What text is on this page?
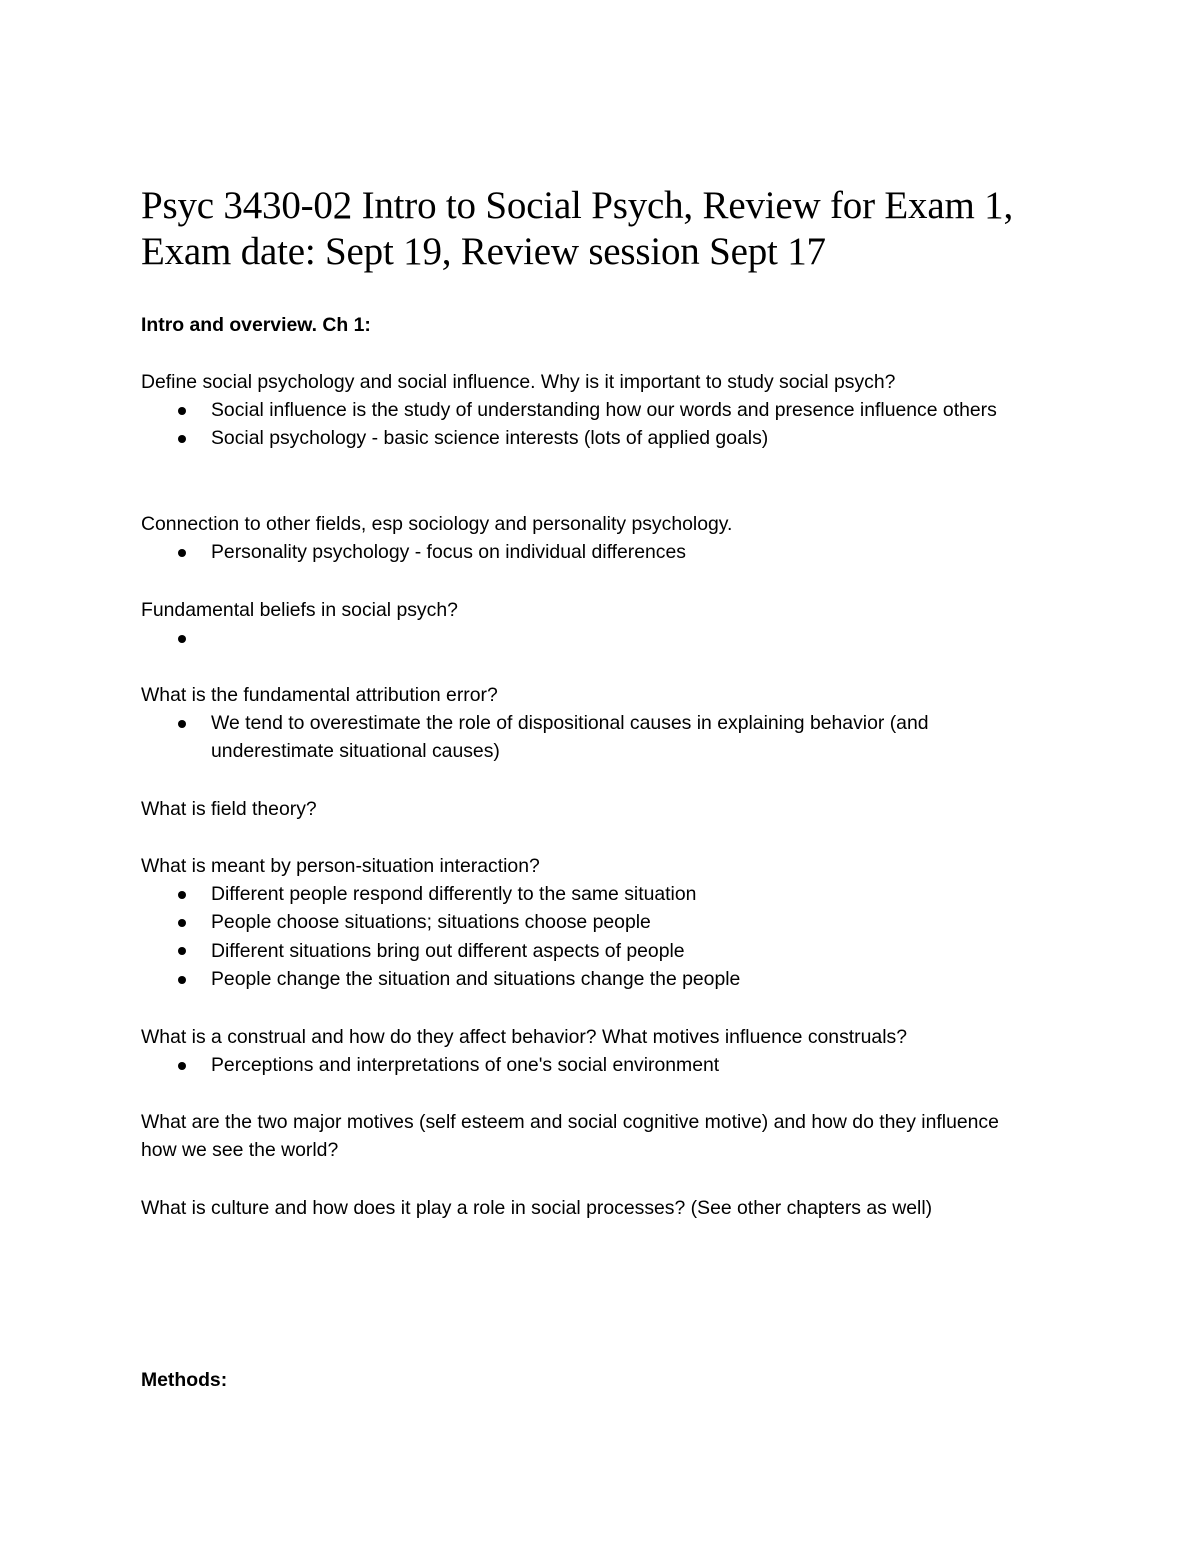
Psyc 3430-02 Intro to Social Psych, Review for Exam 1,
Exam date: Sept 19, Review session Sept 17

Intro and overview. Ch 1:

Define social psychology and social influence. Why is it important to study social psych?

Social influence is the study of understanding how our words and presence influence others
Social psychology - basic science interests (lots of applied goals)

Connection to other fields, esp sociology and personality psychology.

Personality psychology - focus on individual differences

Fundamental beliefs in social psych?

What is the fundamental attribution error?

We tend to overestimate the role of dispositional causes in explaining behavior (and underestimate situational causes)

What is field theory?

What is meant by person-situation interaction?

Different people respond differently to the same situation
People choose situations; situations choose people
Different situations bring out different aspects of people
People change the situation and situations change the people

What is a construal and how do they affect behavior? What motives influence construals?

Perceptions and interpretations of one's social environment

What are the two major motives (self esteem and social cognitive motive) and how do they influence how we see the world?

What is culture and how does it play a role in social processes? (See other chapters as well)

Methods:
